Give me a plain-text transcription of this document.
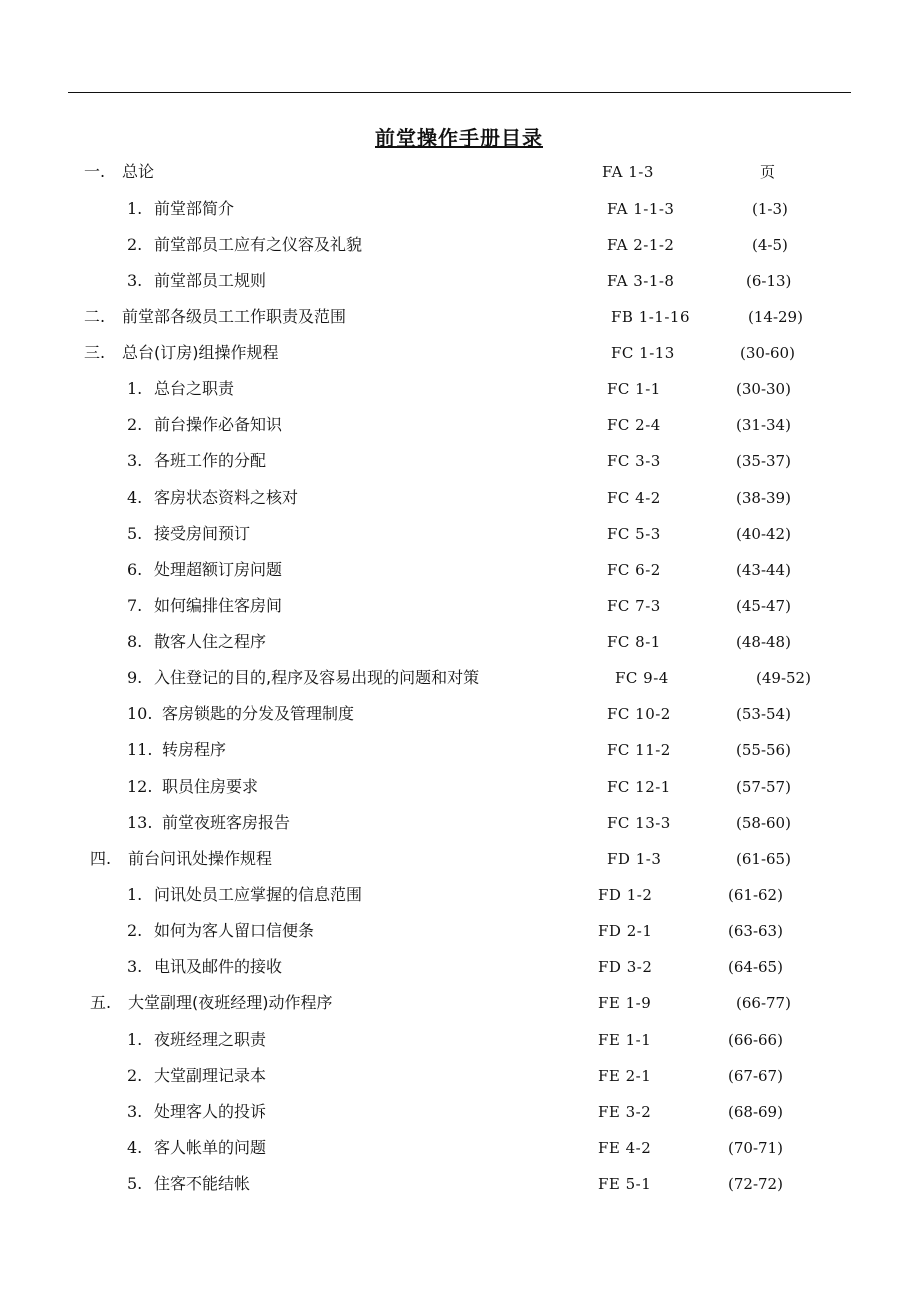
前堂操作手册目录
一. 总论	FA 1-3	页
1. 前堂部简介	FA 1-1-3	(1-3)
2. 前堂部员工应有之仪容及礼貌	FA 2-1-2	(4-5)
3. 前堂部员工规则	FA 3-1-8	(6-13)
二. 前堂部各级员工工作职责及范围	FB 1-1-16	(14-29)
三. 总台(订房)组操作规程	FC 1-13	(30-60)
1. 总台之职责	FC 1-1	(30-30)
2. 前台操作必备知识	FC 2-4	(31-34)
3. 各班工作的分配	FC 3-3	(35-37)
4. 客房状态资料之核对	FC 4-2	(38-39)
5. 接受房间预订	FC 5-3	(40-42)
6. 处理超额订房问题	FC 6-2	(43-44)
7. 如何编排住客房间	FC 7-3	(45-47)
8. 散客人住之程序	FC 8-1	(48-48)
9. 入住登记的目的,程序及容易出现的问题和对策	FC 9-4	(49-52)
10. 客房锁匙的分发及管理制度	FC 10-2	(53-54)
11. 转房程序	FC 11-2	(55-56)
12. 职员住房要求	FC 12-1	(57-57)
13. 前堂夜班客房报告	FC 13-3	(58-60)
四. 前台问讯处操作规程	FD 1-3	(61-65)
1. 问讯处员工应掌握的信息范围	FD 1-2	(61-62)
2. 如何为客人留口信便条	FD 2-1	(63-63)
3. 电讯及邮件的接收	FD 3-2	(64-65)
五. 大堂副理(夜班经理)动作程序	FE 1-9	(66-77)
1. 夜班经理之职责	FE 1-1	(66-66)
2. 大堂副理记录本	FE 2-1	(67-67)
3. 处理客人的投诉	FE 3-2	(68-69)
4. 客人帐单的问题	FE 4-2	(70-71)
5. 住客不能结帐	FE 5-1	(72-72)
